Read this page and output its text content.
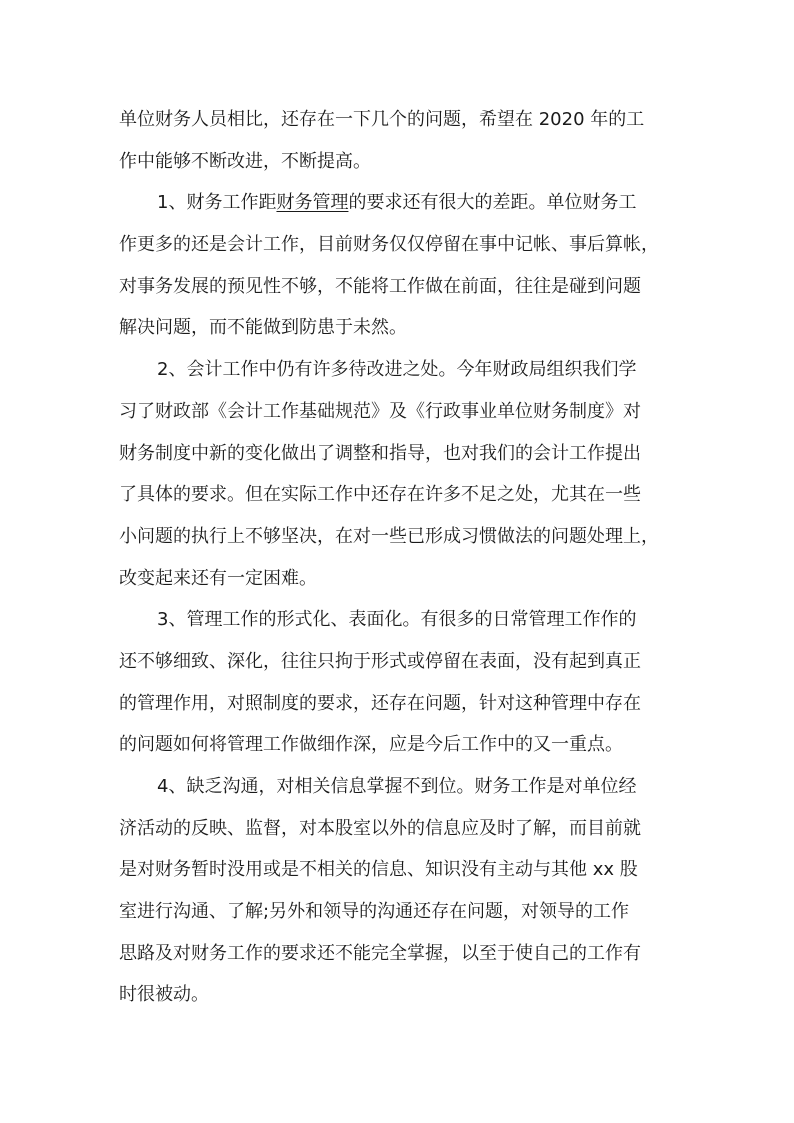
单位财务人员相比，还存在一下几个的问题，希望在 2020 年的工
作中能够不断改进，不断提高。
1、财务工作距财务管理的要求还有很大的差距。单位财务工
作更多的还是会计工作，目前财务仅仅停留在事中记帐、事后算帐，
对事务发展的预见性不够，不能将工作做在前面，往往是碰到问题
解决问题，而不能做到防患于未然。
2、会计工作中仍有许多待改进之处。今年财政局组织我们学
习了财政部《会计工作基础规范》及《行政事业单位财务制度》对
财务制度中新的变化做出了调整和指导，也对我们的会计工作提出
了具体的要求。但在实际工作中还存在许多不足之处，尤其在一些
小问题的执行上不够坚决，在对一些已形成习惯做法的问题处理上，
改变起来还有一定困难。
3、管理工作的形式化、表面化。有很多的日常管理工作作的
还不够细致、深化，往往只拘于形式或停留在表面，没有起到真正
的管理作用，对照制度的要求，还存在问题，针对这种管理中存在
的问题如何将管理工作做细作深，应是今后工作中的又一重点。
4、缺乏沟通，对相关信息掌握不到位。财务工作是对单位经
济活动的反映、监督，对本股室以外的信息应及时了解，而目前就
是对财务暂时没用或是不相关的信息、知识没有主动与其他 xx 股
室进行沟通、了解;另外和领导的沟通还存在问题，对领导的工作
思路及对财务工作的要求还不能完全掌握，以至于使自己的工作有
时很被动。
